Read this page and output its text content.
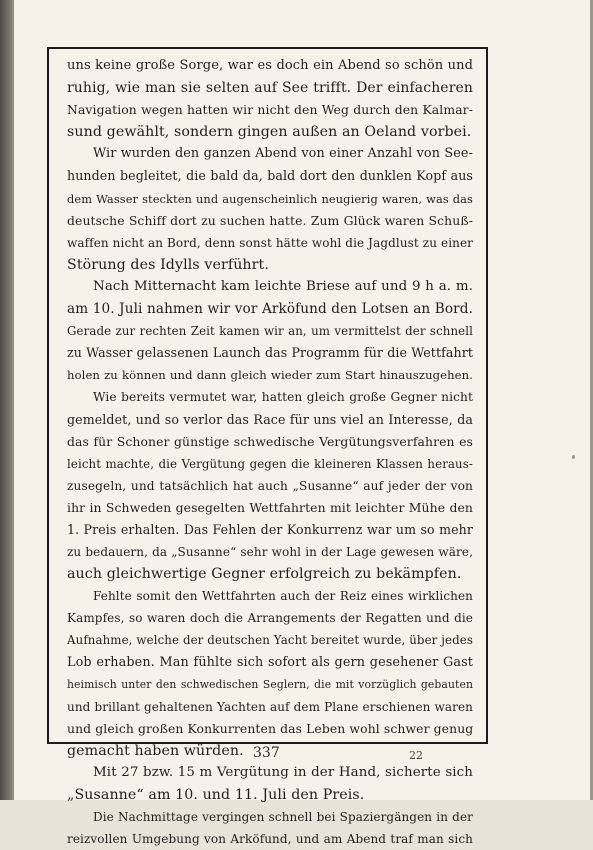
uns keine große Sorge, war es doch ein Abend so schön und
ruhig, wie man sie selten auf See trifft. Der einfacheren
Navigation wegen hatten wir nicht den Weg durch den Kalmar-
sund gewählt, sondern gingen außen an Oeland vorbei.
Wir wurden den ganzen Abend von einer Anzahl von See-
hunden begleitet, die bald da, bald dort den dunklen Kopf aus
dem Wasser steckten und augenscheinlich neugierig waren, was das
deutsche Schiff dort zu suchen hatte. Zum Glück waren Schuß-
waffen nicht an Bord, denn sonst hätte wohl die Jagdlust zu einer
Störung des Idylls verführt.
Nach Mitternacht kam leichte Briese auf und 9 h a. m.
am 10. Juli nahmen wir vor Arköfund den Lotsen an Bord.
Gerade zur rechten Zeit kamen wir an, um vermittelst der schnell
zu Wasser gelassenen Launch das Programm für die Wettfahrt
holen zu können und dann gleich wieder zum Start hinauszugehen.
Wie bereits vermutet war, hatten gleich große Gegner nicht
gemeldet, und so verlor das Race für uns viel an Interesse, da
das für Schoner günstige schwedische Vergütungsverfahren es
leicht machte, die Vergütung gegen die kleineren Klassen heraus-
zusegeln, und tatsächlich hat auch „Susanne“ auf jeder der von
ihr in Schweden gesegelten Wettfahrten mit leichter Mühe den
1. Preis erhalten. Das Fehlen der Konkurrenz war um so mehr
zu bedauern, da „Susanne“ sehr wohl in der Lage gewesen wäre,
auch gleichwertige Gegner erfolgreich zu bekämpfen.
Fehlte somit den Wettfahrten auch der Reiz eines wirklichen
Kampfes, so waren doch die Arrangements der Regatten und die
Aufnahme, welche der deutschen Yacht bereitet wurde, über jedes
Lob erhaben. Man fühlte sich sofort als gern gesehener Gast
heimisch unter den schwedischen Seglern, die mit vorzüglich gebauten
und brillant gehaltenen Yachten auf dem Plane erschienen waren
und gleich großen Konkurrenten das Leben wohl schwer genug
gemacht haben würden.
Mit 27 bzw. 15 m Vergütung in der Hand, sicherte sich
„Susanne“ am 10. und 11. Juli den Preis.
Die Nachmittage vergingen schnell bei Spaziergängen in der
reizvollen Umgebung von Arköfund, und am Abend traf man sich
337	22
